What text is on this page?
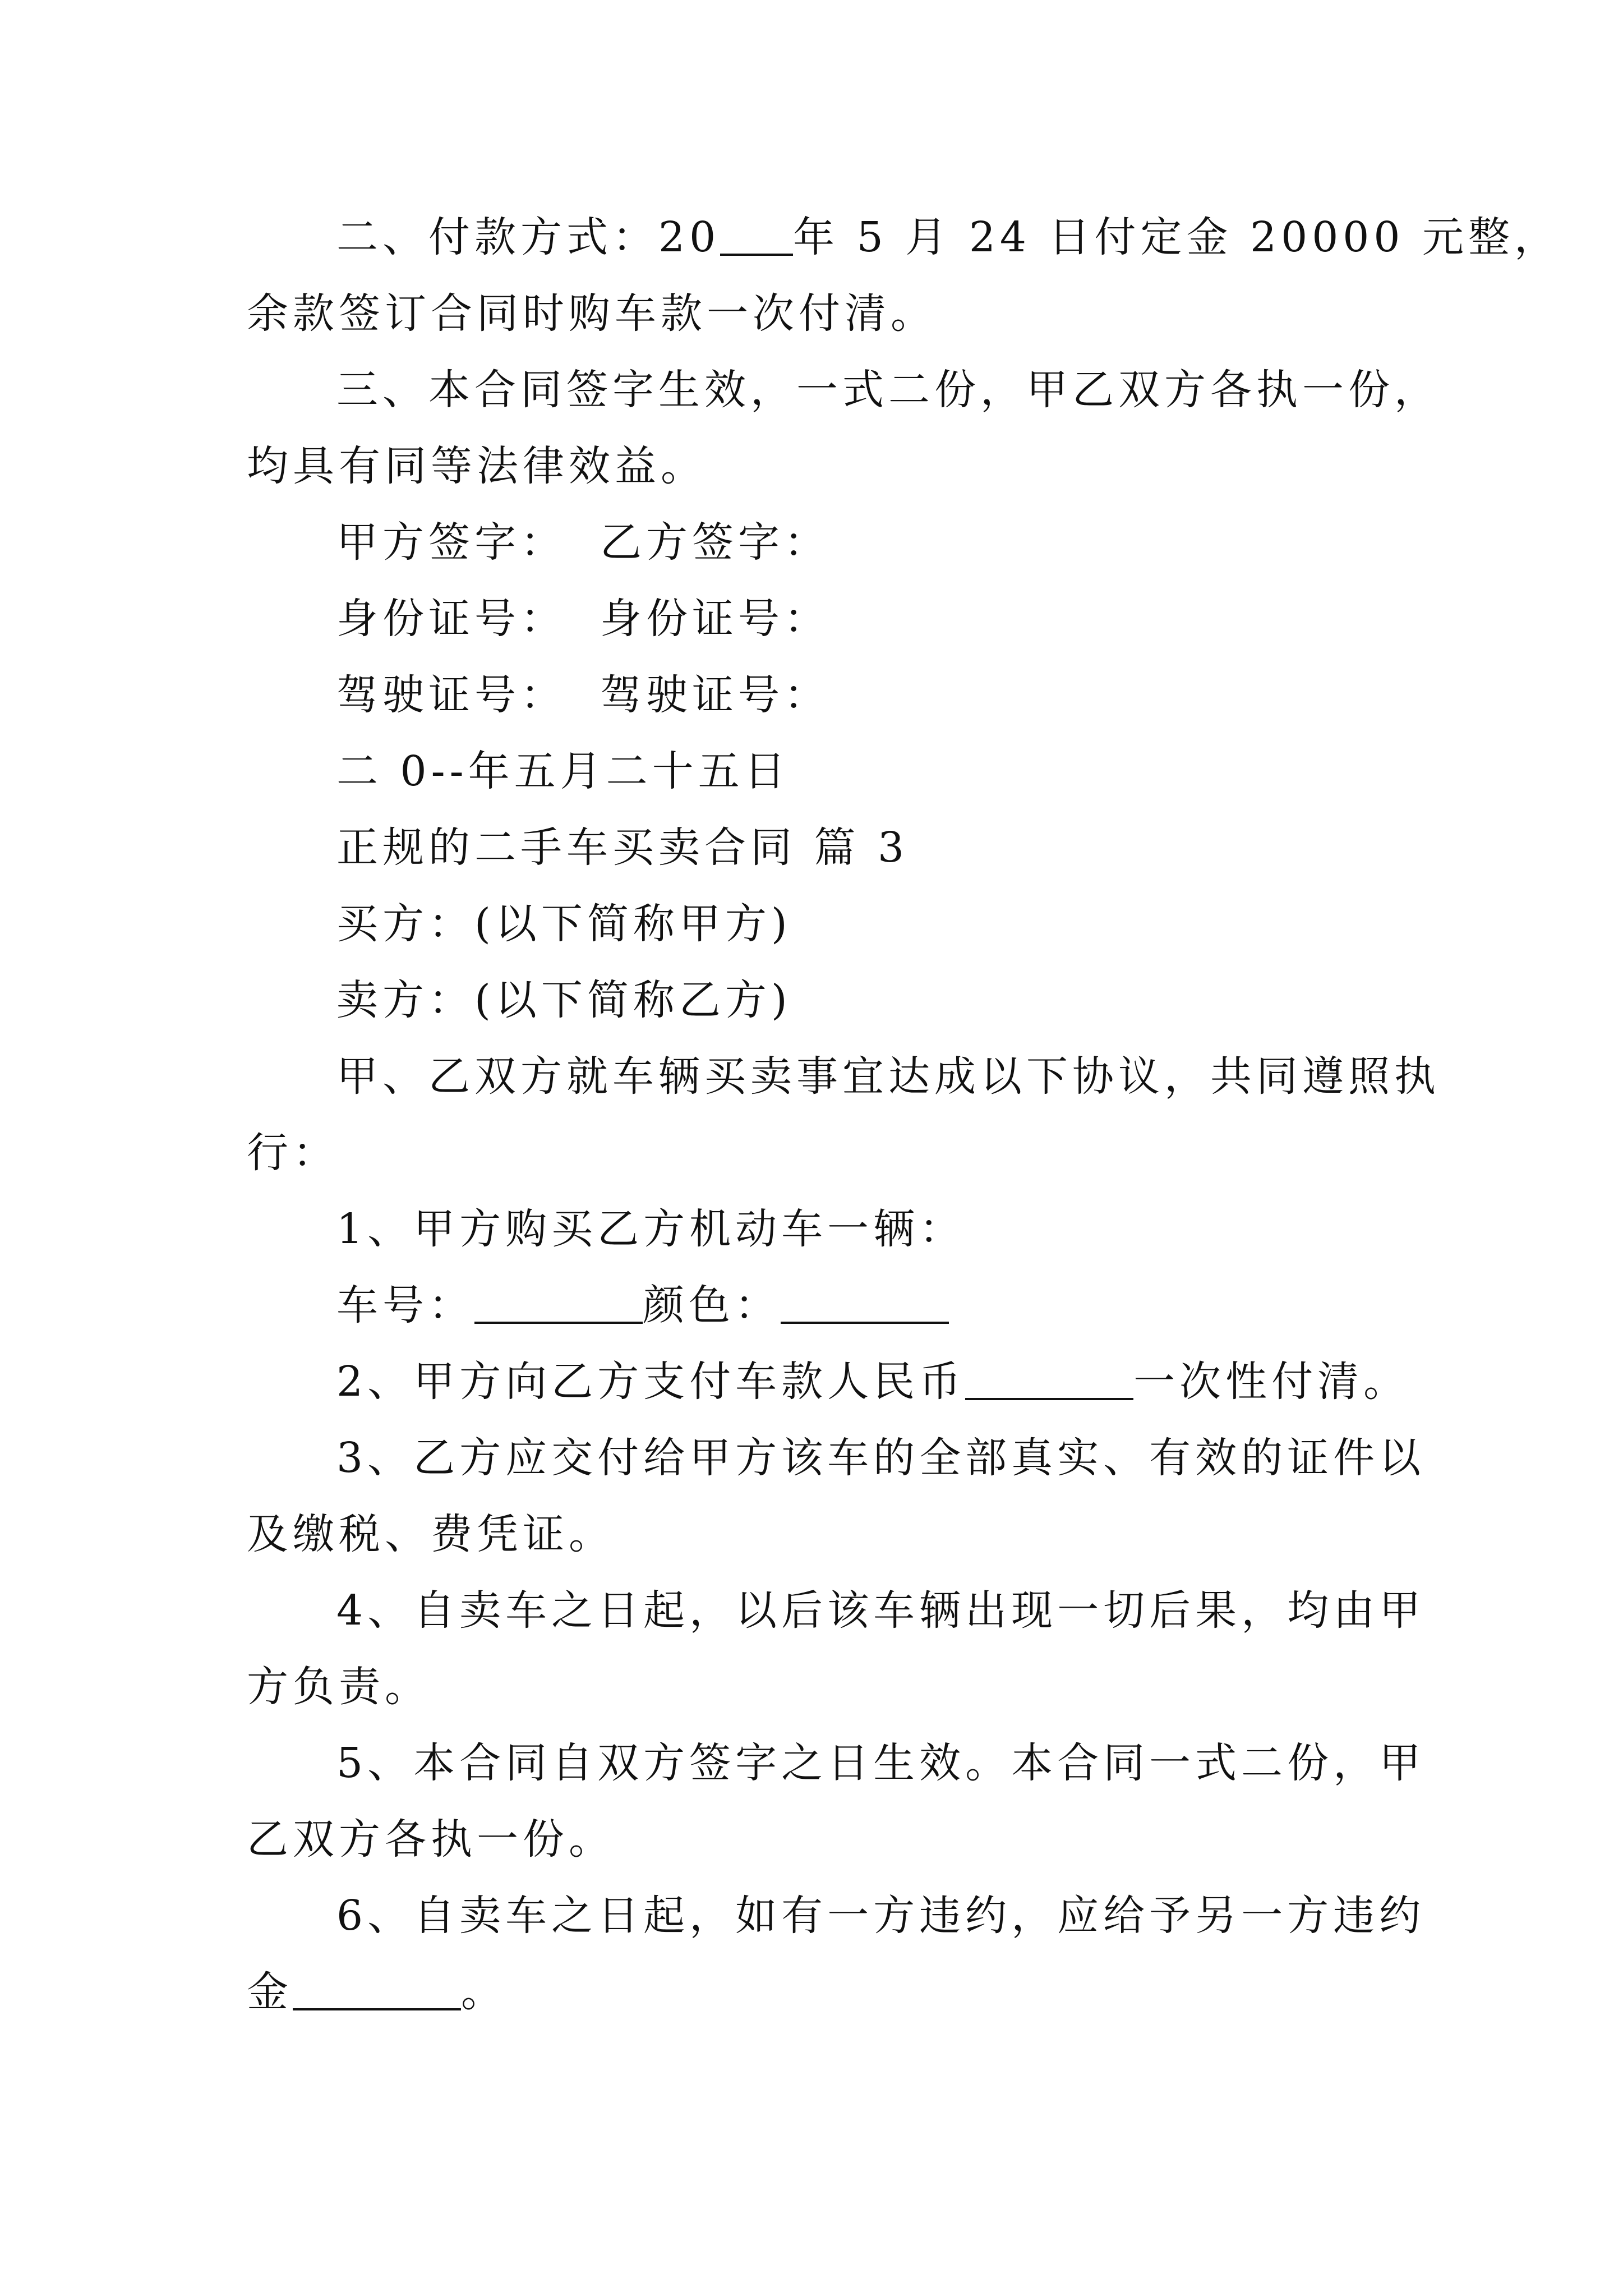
二、付款方式：20 年 5 月 24 日付定金 20000 元整，
余款签订合同时购车款一次付清。
三、本合同签字生效，一式二份，甲乙双方各执一份，
均具有同等法律效益。
甲方签字： 乙方签字：
身份证号： 身份证号：
驾驶证号： 驾驶证号：
二 0--年五月二十五日
正规的二手车买卖合同 篇 3
买方：(以下简称甲方)
卖方：(以下简称乙方)
甲、乙双方就车辆买卖事宜达成以下协议，共同遵照执
行：
1、甲方购买乙方机动车一辆：
车号：	颜色：
2、甲方向乙方支付车款人民币	一次性付清。
3、乙方应交付给甲方该车的全部真实、有效的证件以
及缴税、费凭证。
4、自卖车之日起，以后该车辆出现一切后果，均由甲
方负责。
5、本合同自双方签字之日生效。本合同一式二份，甲
乙双方各执一份。
6、自卖车之日起，如有一方违约，应给予另一方违约
金	。
